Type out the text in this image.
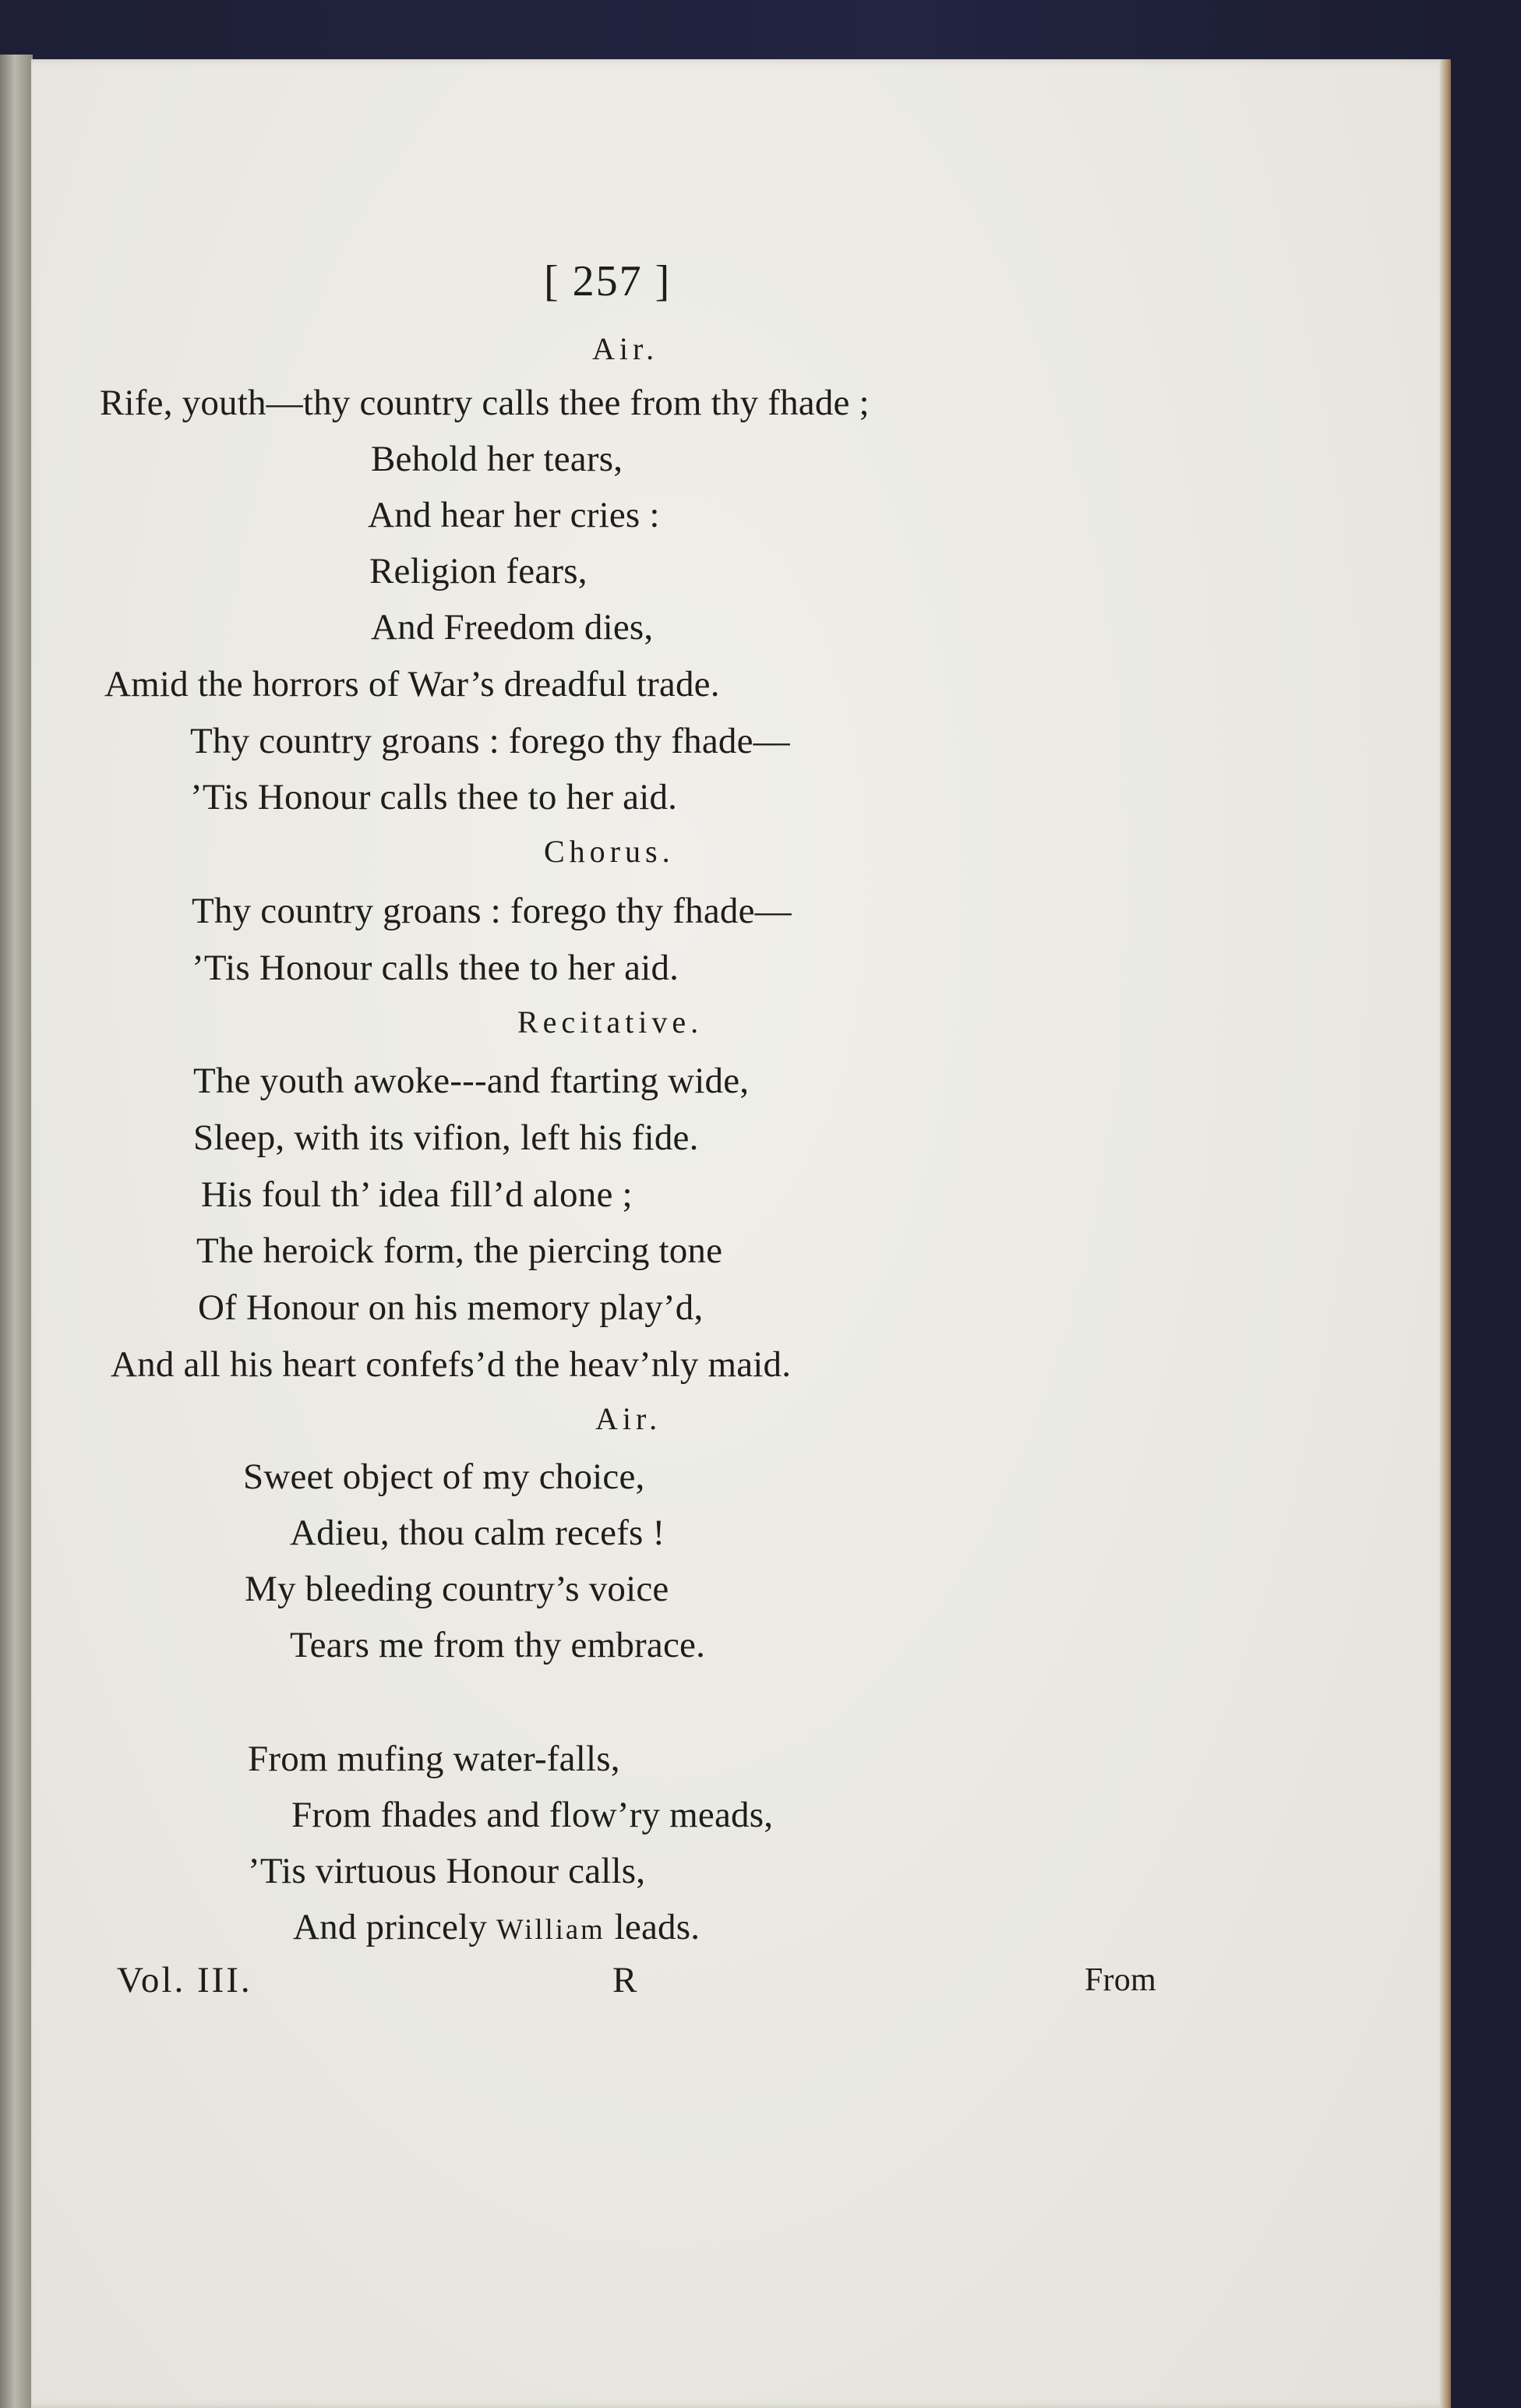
[ 257 ]
Air.
Rife, youth—thy country calls thee from thy fhade ;
Behold her tears,
And hear her cries :
Religion fears,
And Freedom dies,
Amid the horrors of War’s dreadful trade.
Thy country groans : forego thy fhade—
’Tis Honour calls thee to her aid.
Chorus.
Thy country groans : forego thy fhade—
’Tis Honour calls thee to her aid.
Recitative.
The youth awoke---and ftarting wide,
Sleep, with its vifion, left his fide.
His foul th’ idea fill’d alone ;
The heroick form, the piercing tone
Of Honour on his memory play’d,
And all his heart confefs’d the heav’nly maid.
Air.
Sweet object of my choice,
Adieu, thou calm recefs !
My bleeding country’s voice
Tears me from thy embrace.
From mufing water-falls,
From fhades and flow’ry meads,
’Tis virtuous Honour calls,
And princely William leads.
Vol. III.	R	From
